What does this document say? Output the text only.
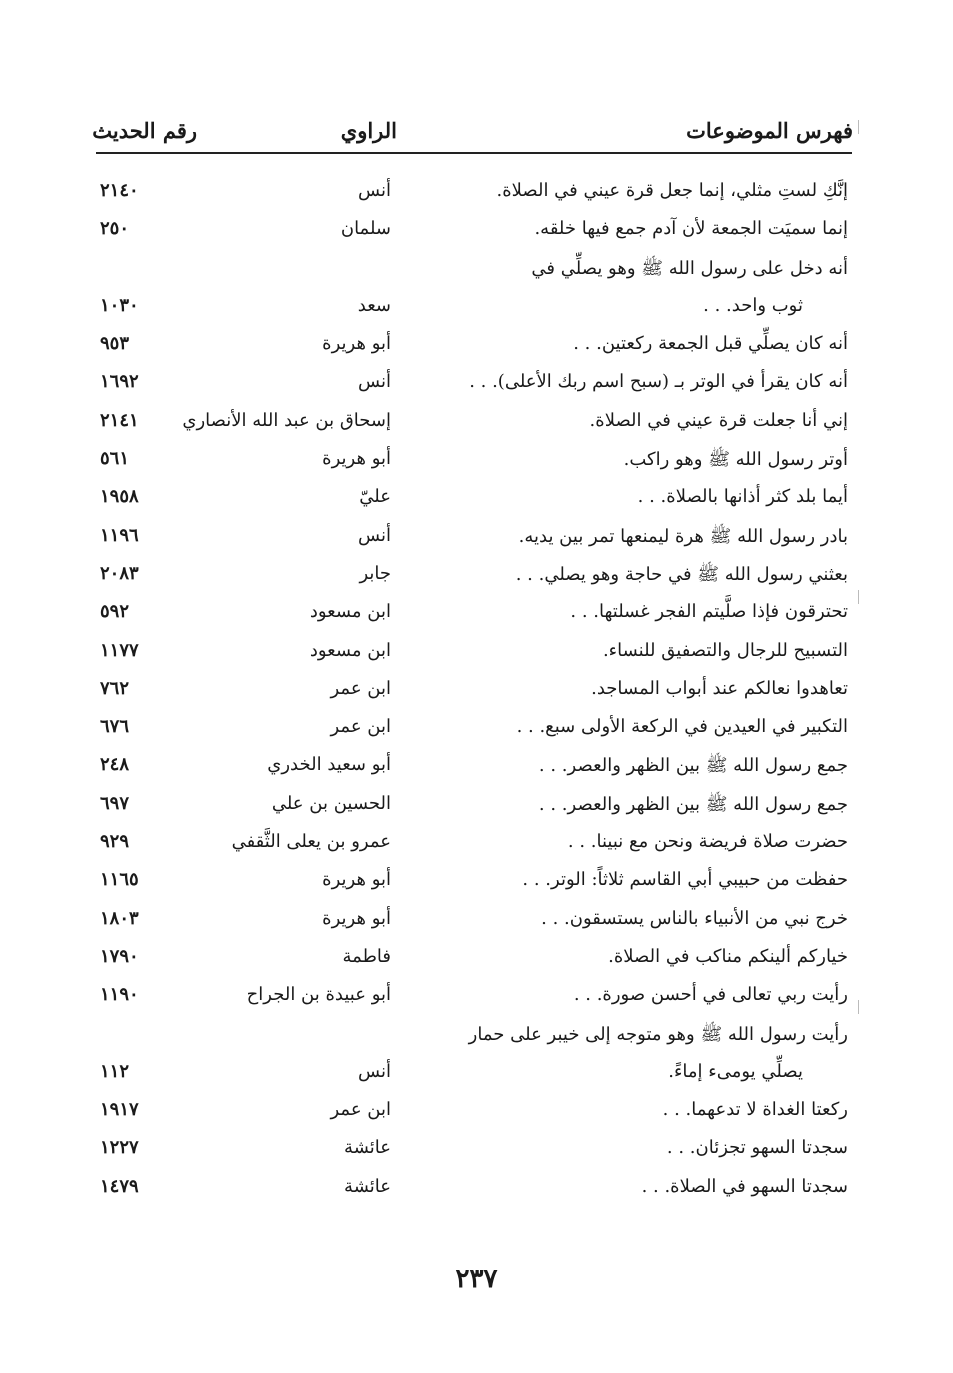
فهرس الموضوعات
الراوي
رقم الحديث
إنَّكِ لستِ مثلي، إنما جعل قرة عيني في الصلاة.
أنس
٢١٤٠
إنما سميَت الجمعة لأن آدم جمع فيها خلقه.
سلمان
٢٥٠
أنه دخل على رسول الله ﷺ وهو يصلِّي في
ثوب واحد. . .
سعد
١٠٣٠
أنه كان يصلِّي قبل الجمعة ركعتين. . .
أبو هريرة
٩٥٣
أنه كان يقرأ في الوتر بـ (سبح اسم ربك الأعلى). . .
أنس
١٦٩٢
إني أنا جعلت قرة عيني في الصلاة.
إسحاق بن عبد الله الأنصاري
٢١٤١
أوتر رسول الله ﷺ وهو راكب.
أبو هريرة
٥٦١
أيما بلد كثر أذانها بالصلاة. . .
عليّ
١٩٥٨
بادر رسول الله ﷺ هرة ليمنعها تمر بين يديه.
أنس
١١٩٦
بعثني رسول الله ﷺ في حاجة وهو يصلي. . .
جابر
٢٠٨٣
تحترقون فإذا صلَّيتم الفجر غسلتها. . .
ابن مسعود
٥٩٢
التسبيح للرجال والتصفيق للنساء.
ابن مسعود
١١٧٧
تعاهدوا نعالكم عند أبواب المساجد.
ابن عمر
٧٦٢
التكبير في العيدين في الركعة الأولى سبع. . .
ابن عمر
٦٧٦
جمع رسول الله ﷺ بين الظهر والعصر. . .
أبو سعيد الخدري
٢٤٨
جمع رسول الله ﷺ بين الظهر والعصر. . .
الحسين بن علي
٦٩٧
حضرت صلاة فريضة ونحن مع نبينا. . .
عمرو بن يعلى الثَّقفي
٩٢٩
حفظت من حبيبي أبي القاسم ثلاثاً: الوتر. . .
أبو هريرة
١١٦٥
خرج نبي من الأنبياء بالناس يستسقون. . .
أبو هريرة
١٨٠٣
خياركم ألينكم مناكب في الصلاة.
فاطمة
١٧٩٠
رأيت ربي تعالى في أحسن صورة. . .
أبو عبيدة بن الجراح
١١٩٠
رأيت رسول الله ﷺ وهو متوجه إلى خيبر على حمار
يصلِّي يومىء إماءً.
أنس
١١٢
ركعتا الغداة لا تدعهما. . .
ابن عمر
١٩١٧
سجدتا السهو تجزئان. . .
عائشة
١٢٢٧
سجدتا السهو في الصلاة. . .
عائشة
١٤٧٩
٢٣٧
